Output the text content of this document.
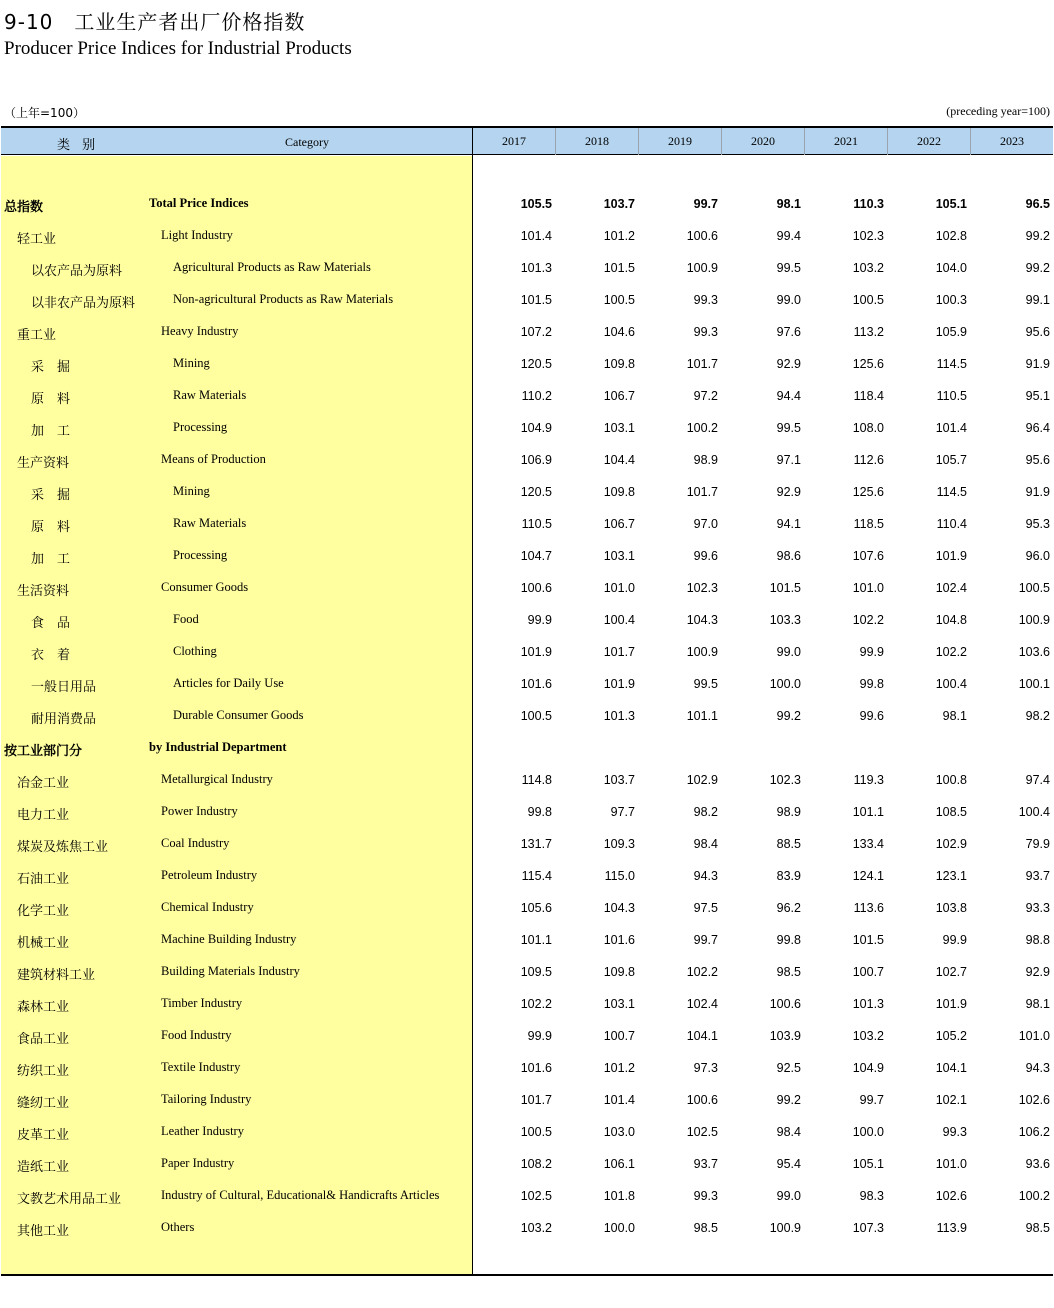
9-10　工业生产者出厂价格指数
Producer Price Indices for Industrial Products
（上年=100）	(preceding year=100)
类 别	Category	2017	2018	2019	2020	2021	2022	2023
总指数	Total Price Indices	105.5	103.7	99.7	98.1	110.3	105.1	96.5
轻工业	Light Industry	101.4	101.2	100.6	99.4	102.3	102.8	99.2
以农产品为原料	Agricultural Products as Raw Materials	101.3	101.5	100.9	99.5	103.2	104.0	99.2
以非农产品为原料	Non-agricultural Products as Raw Materials	101.5	100.5	99.3	99.0	100.5	100.3	99.1
重工业	Heavy Industry	107.2	104.6	99.3	97.6	113.2	105.9	95.6
采　掘	Mining	120.5	109.8	101.7	92.9	125.6	114.5	91.9
原　料	Raw Materials	110.2	106.7	97.2	94.4	118.4	110.5	95.1
加　工	Processing	104.9	103.1	100.2	99.5	108.0	101.4	96.4
生产资料	Means of Production	106.9	104.4	98.9	97.1	112.6	105.7	95.6
采　掘	Mining	120.5	109.8	101.7	92.9	125.6	114.5	91.9
原　料	Raw Materials	110.5	106.7	97.0	94.1	118.5	110.4	95.3
加　工	Processing	104.7	103.1	99.6	98.6	107.6	101.9	96.0
生活资料	Consumer Goods	100.6	101.0	102.3	101.5	101.0	102.4	100.5
食　品	Food	99.9	100.4	104.3	103.3	102.2	104.8	100.9
衣　着	Clothing	101.9	101.7	100.9	99.0	99.9	102.2	103.6
一般日用品	Articles for Daily Use	101.6	101.9	99.5	100.0	99.8	100.4	100.1
耐用消费品	Durable Consumer Goods	100.5	101.3	101.1	99.2	99.6	98.1	98.2
按工业部门分	by Industrial Department
冶金工业	Metallurgical Industry	114.8	103.7	102.9	102.3	119.3	100.8	97.4
电力工业	Power Industry	99.8	97.7	98.2	98.9	101.1	108.5	100.4
煤炭及炼焦工业	Coal Industry	131.7	109.3	98.4	88.5	133.4	102.9	79.9
石油工业	Petroleum Industry	115.4	115.0	94.3	83.9	124.1	123.1	93.7
化学工业	Chemical Industry	105.6	104.3	97.5	96.2	113.6	103.8	93.3
机械工业	Machine Building Industry	101.1	101.6	99.7	99.8	101.5	99.9	98.8
建筑材料工业	Building Materials Industry	109.5	109.8	102.2	98.5	100.7	102.7	92.9
森林工业	Timber Industry	102.2	103.1	102.4	100.6	101.3	101.9	98.1
食品工业	Food Industry	99.9	100.7	104.1	103.9	103.2	105.2	101.0
纺织工业	Textile Industry	101.6	101.2	97.3	92.5	104.9	104.1	94.3
缝纫工业	Tailoring Industry	101.7	101.4	100.6	99.2	99.7	102.1	102.6
皮革工业	Leather Industry	100.5	103.0	102.5	98.4	100.0	99.3	106.2
造纸工业	Paper Industry	108.2	106.1	93.7	95.4	105.1	101.0	93.6
文教艺术用品工业	Industry of Cultural, Educational& Handicrafts Articles	102.5	101.8	99.3	99.0	98.3	102.6	100.2
其他工业	Others	103.2	100.0	98.5	100.9	107.3	113.9	98.5
